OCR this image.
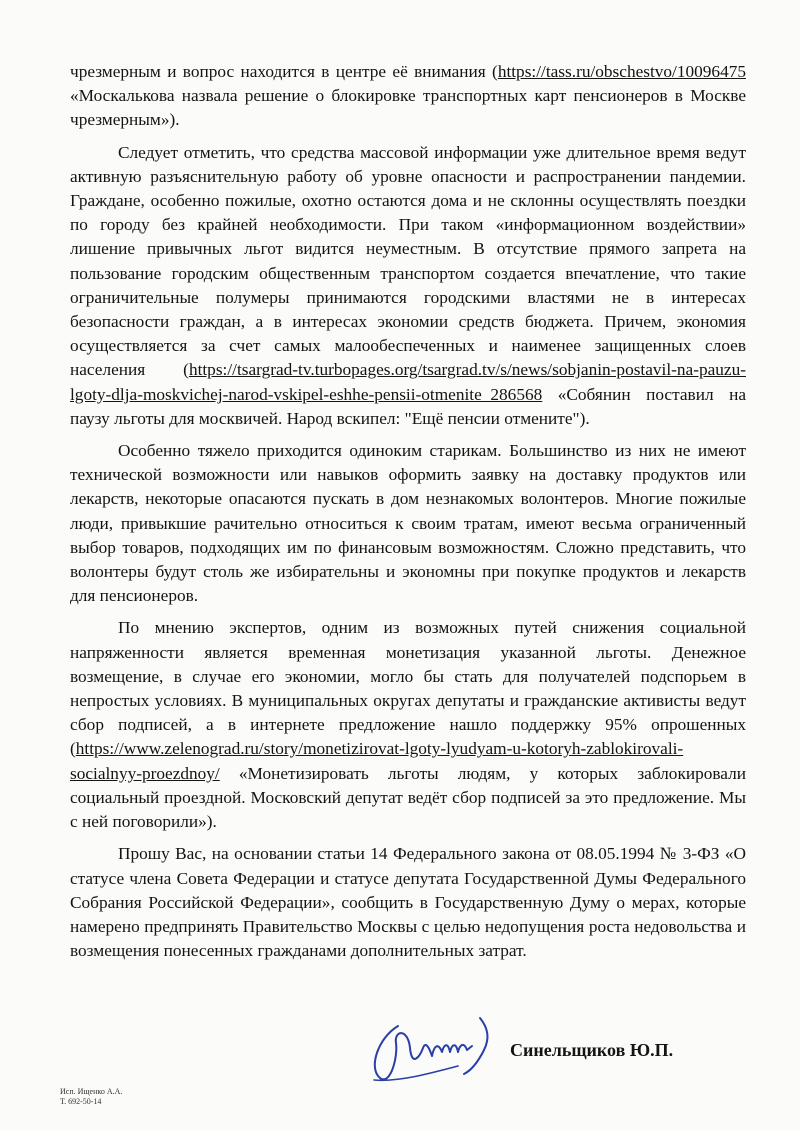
чрезмерным и вопрос находится в центре её внимания (https://tass.ru/obschestvo/10096475 «Москалькова назвала решение о блокировке транспортных карт пенсионеров в Москве чрезмерным»).

Следует отметить, что средства массовой информации уже длительное время ведут активную разъяснительную работу об уровне опасности и распространении пандемии. Граждане, особенно пожилые, охотно остаются дома и не склонны осуществлять поездки по городу без крайней необходимости. При таком «информационном воздействии» лишение привычных льгот видится неуместным. В отсутствие прямого запрета на пользование городским общественным транспортом создается впечатление, что такие ограничительные полумеры принимаются городскими властями не в интересах безопасности граждан, а в интересах экономии средств бюджета. Причем, экономия осуществляется за счет самых малообеспеченных и наименее защищенных слоев населения (https://tsargrad-tv.turbopages.org/tsargrad.tv/s/news/sobjanin-postavil-na-pauzu-lgoty-dlja-moskvichej-narod-vskipel-eshhe-pensii-otmenite_286568 «Собянин поставил на паузу льготы для москвичей. Народ вскипел: "Ещё пенсии отмените").

Особенно тяжело приходится одиноким старикам. Большинство из них не имеют технической возможности или навыков оформить заявку на доставку продуктов или лекарств, некоторые опасаются пускать в дом незнакомых волонтеров. Многие пожилые люди, привыкшие рачительно относиться к своим тратам, имеют весьма ограниченный выбор товаров, подходящих им по финансовым возможностям. Сложно представить, что волонтеры будут столь же избирательны и экономны при покупке продуктов и лекарств для пенсионеров.

По мнению экспертов, одним из возможных путей снижения социальной напряженности является временная монетизация указанной льготы. Денежное возмещение, в случае его экономии, могло бы стать для получателей подспорьем в непростых условиях. В муниципальных округах депутаты и гражданские активисты ведут сбор подписей, а в интернете предложение нашло поддержку 95% опрошенных (https://www.zelenograd.ru/story/monetizirovat-lgoty-lyudyam-u-kotoryh-zablokirovali-socialnyy-proezdnoy/ «Монетизировать льготы людям, у которых заблокировали социальный проездной. Московский депутат ведёт сбор подписей за это предложение. Мы с ней поговорили»).

Прошу Вас, на основании статьи 14 Федерального закона от 08.05.1994 № 3-ФЗ «О статусе члена Совета Федерации и статусе депутата Государственной Думы Федерального Собрания Российской Федерации», сообщить в Государственную Думу о мерах, которые намерено предпринять Правительство Москвы с целью недопущения роста недовольства и возмещения понесенных гражданами дополнительных затрат.

Синельщиков Ю.П.
Исп. Ищенко А.А.
Т. 692-50-14
